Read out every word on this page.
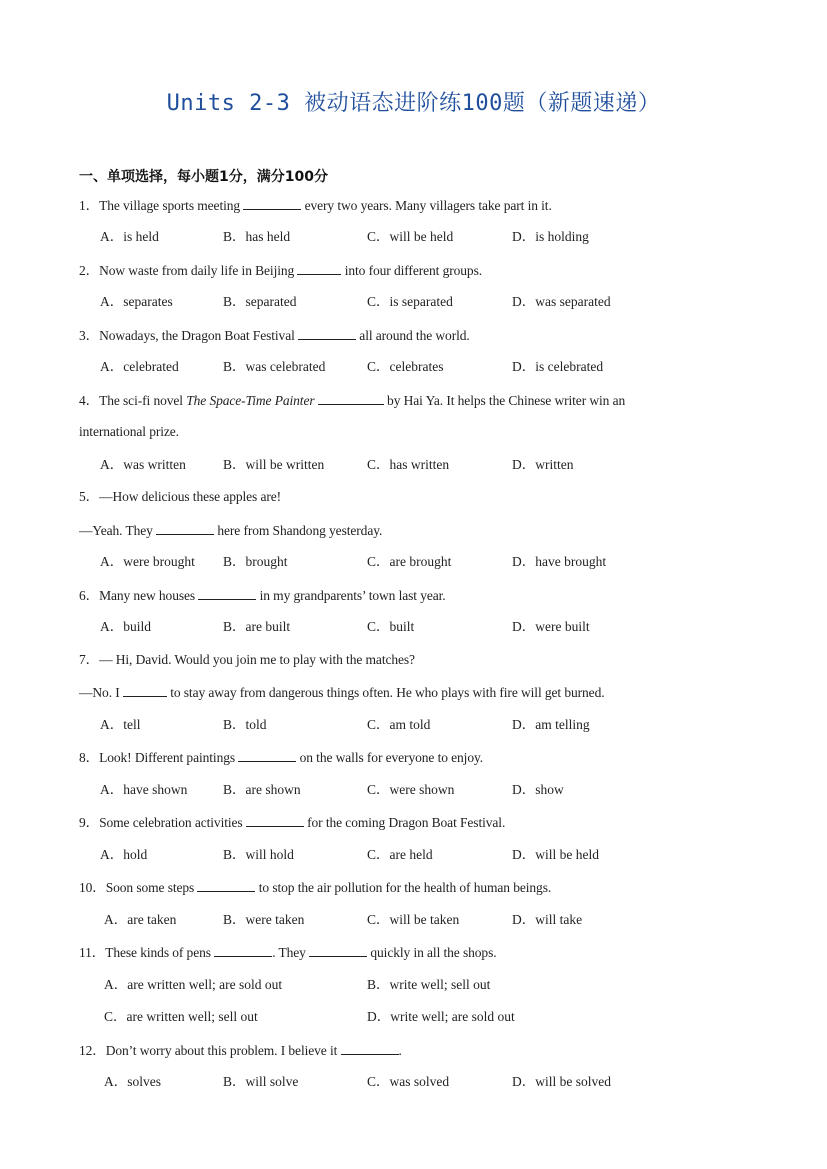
Units 2-3 被动语态进阶练100题（新题速递）
一、单项选择，每小题1分，满分100分
1．The village sports meeting	every two years. Many villagers take part in it.
A．is held	B．has held	C．will be held	D．is holding
2．Now waste from daily life in Beijing	into four different groups.
A．separates	B．separated	C．is separated	D．was separated
3．Nowadays, the Dragon Boat Festival	all around the world.
A．celebrated	B．was celebrated	C．celebrates	D．is celebrated
4．The sci-fi novel The Space-Time Painter	by Hai Ya. It helps the Chinese writer win an
international prize.
A．was written	B．will be written	C．has written	D．written
5．—How delicious these apples are!
—Yeah. They	here from Shandong yesterday.
A．were brought B．brought	C．are brought	D．have brought
6．Many new houses	in my grandparents’ town last year.
A．build	B．are built	C．built	D．were built
7．— Hi, David. Would you join me to play with the matches?
—No. I	to stay away from dangerous things often. He who plays with fire will get burned.
A．tell	B．told	C．am told	D．am telling
8．Look! Different paintings	on the walls for everyone to enjoy.
A．have shown	B．are shown	C．were shown	D．show
9．Some celebration activities	for the coming Dragon Boat Festival.
A．hold	B．will hold	C．are held	D．will be held
10．Soon some steps	to stop the air pollution for the health of human beings.
A．are taken	B．were taken	C．will be taken	D．will take
11．These kinds of pens	. They	quickly in all the shops.
A．are written well; are sold out	B．write well; sell out
C．are written well; sell out	D．write well; are sold out
12．Don’t worry about this problem. I believe it	.
A．solves	B．will solve	C．was solved	D．will be solved
